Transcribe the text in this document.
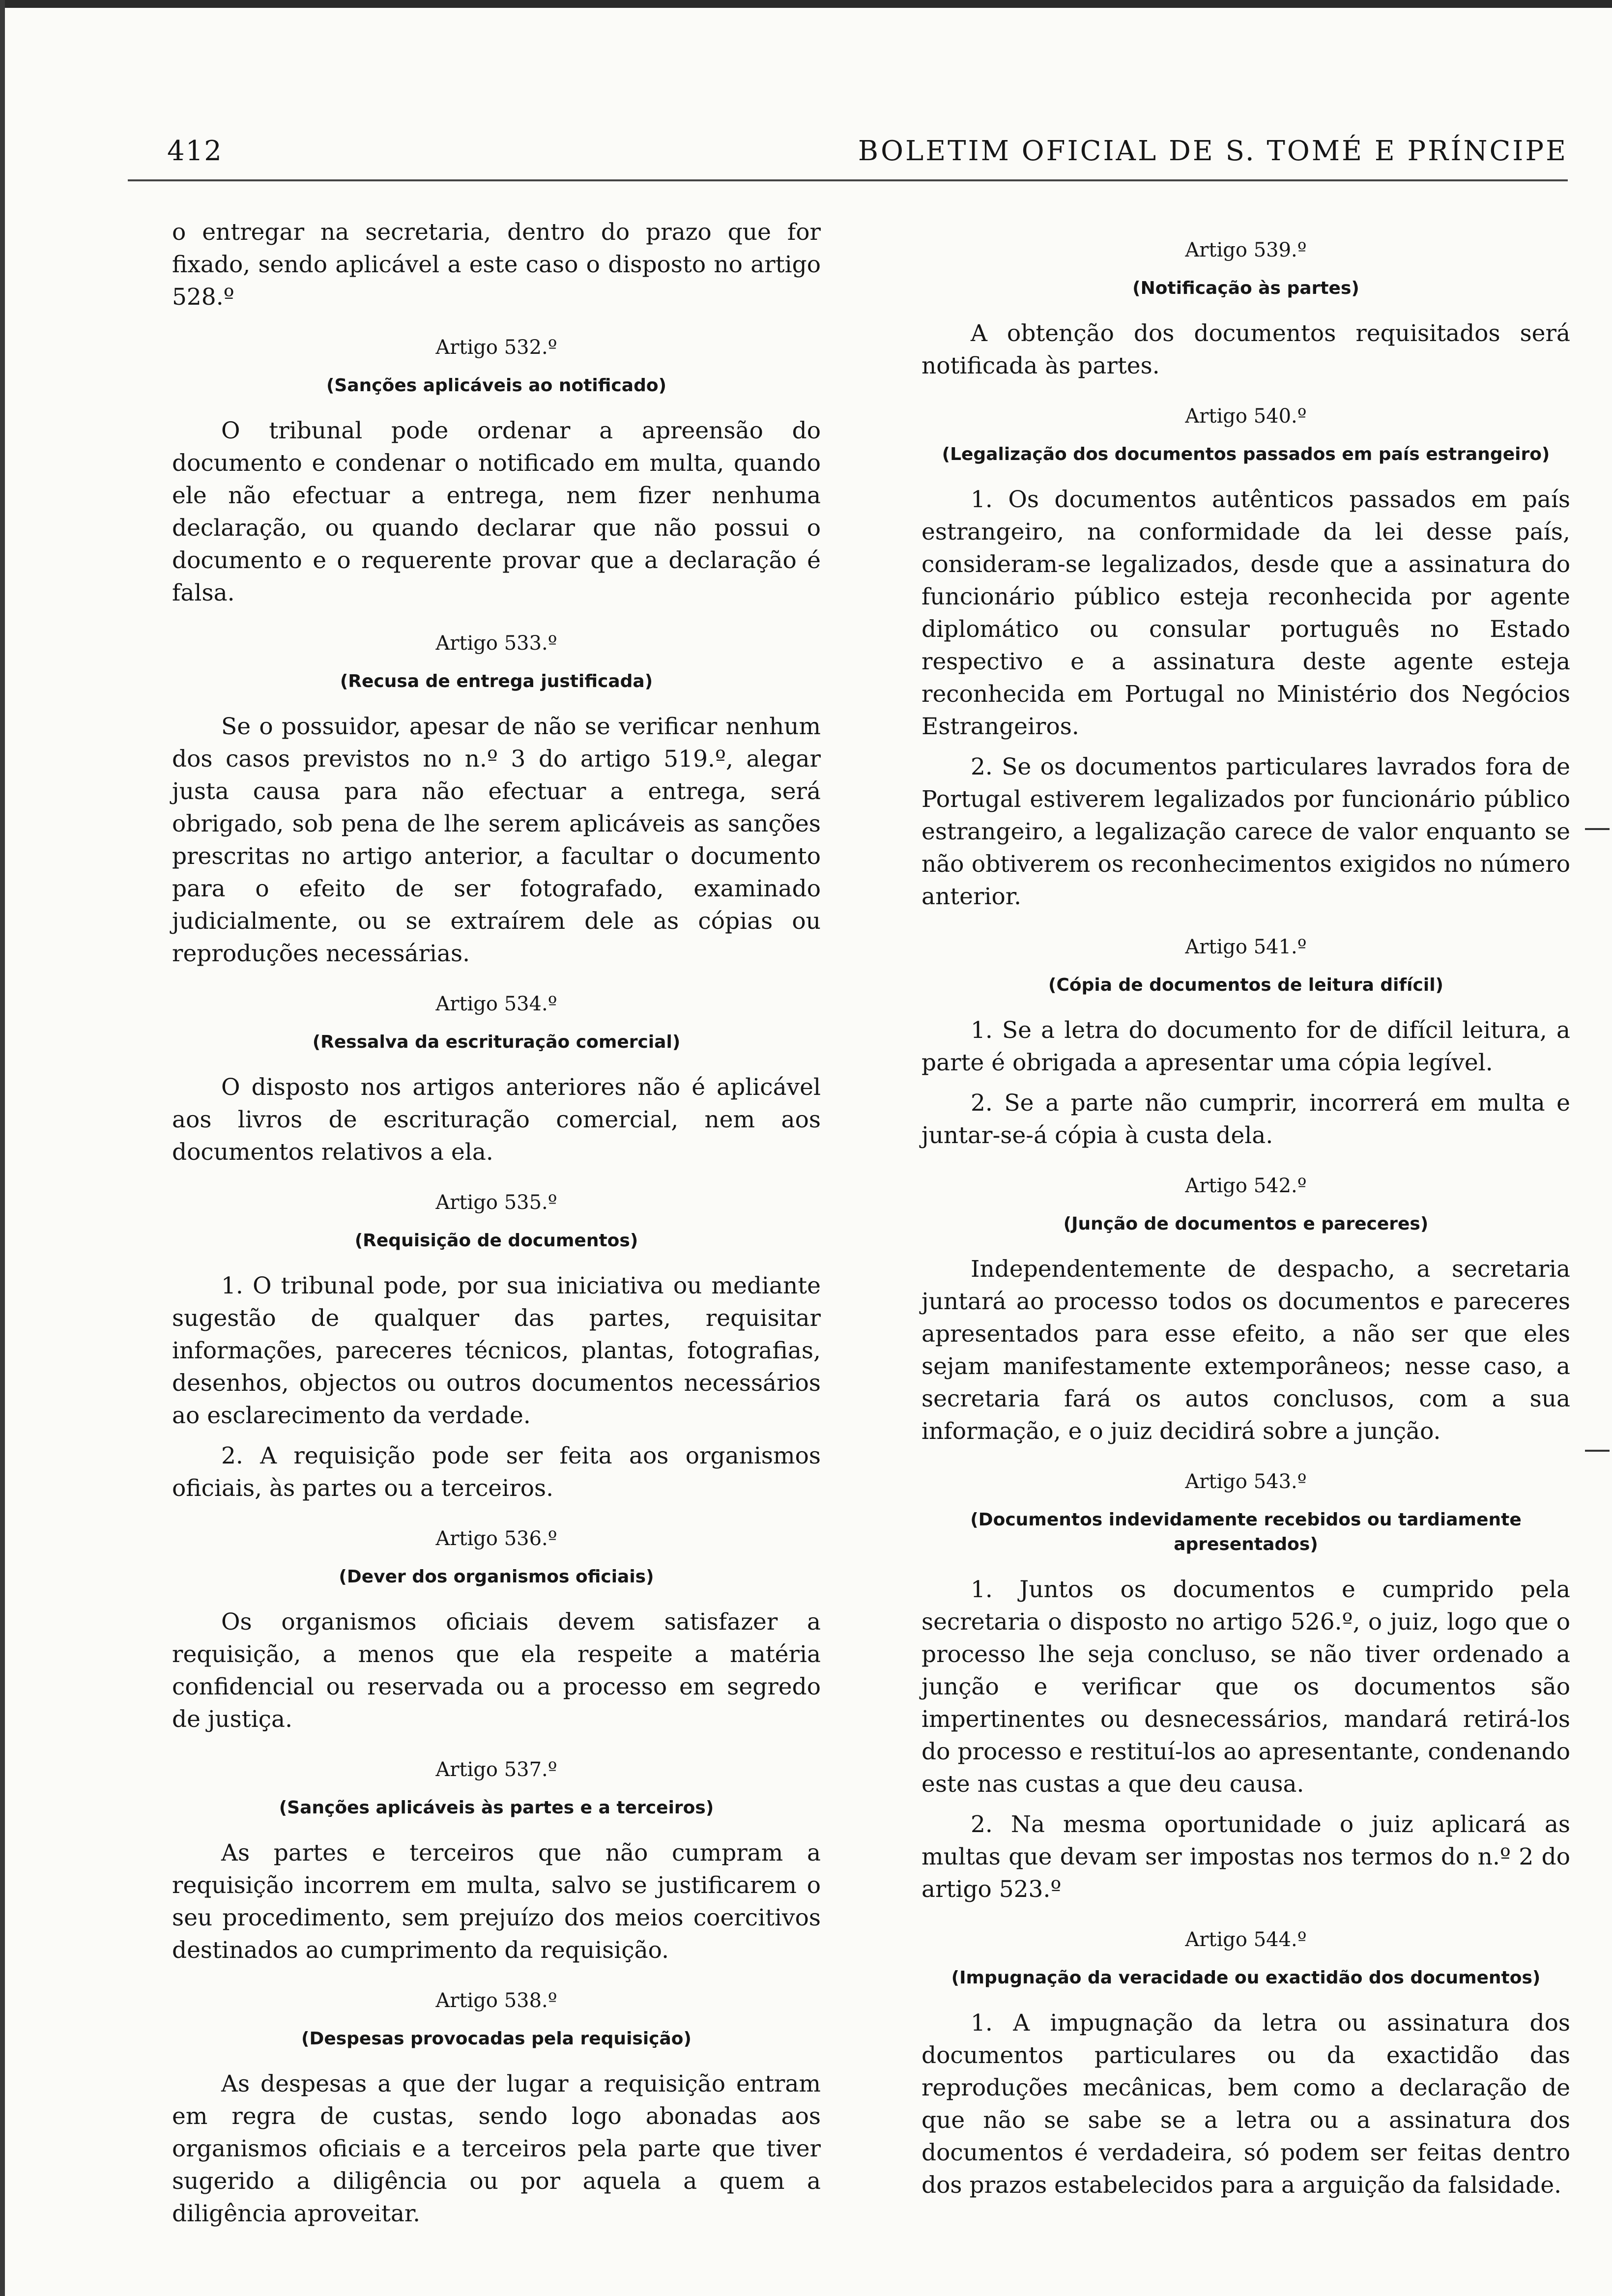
412	BOLETIM OFICIAL DE S. TOMÉ E PRÍNCIPE

o entregar na secretaria, dentro do prazo que for fixado, sendo aplicável a este caso o disposto no artigo 528.º

Artigo 532.º
(Sanções aplicáveis ao notificado)

O tribunal pode ordenar a apreensão do documento e condenar o notificado em multa, quando ele não efectuar a entrega, nem fizer nenhuma declaração, ou quando declarar que não possui o documento e o requerente provar que a declaração é falsa.

Artigo 533.º
(Recusa de entrega justificada)

Se o possuidor, apesar de não se verificar nenhum dos casos previstos no n.º 3 do artigo 519.º, alegar justa causa para não efectuar a entrega, será obrigado, sob pena de lhe serem aplicáveis as sanções prescritas no artigo anterior, a facultar o documento para o efeito de ser fotografado, examinado judicialmente, ou se extraírem dele as cópias ou reproduções necessárias.

Artigo 534.º
(Ressalva da escrituração comercial)

O disposto nos artigos anteriores não é aplicável aos livros de escrituração comercial, nem aos documentos relativos a ela.

Artigo 535.º
(Requisição de documentos)

1. O tribunal pode, por sua iniciativa ou mediante sugestão de qualquer das partes, requisitar informações, pareceres técnicos, plantas, fotografias, desenhos, objectos ou outros documentos necessários ao esclarecimento da verdade.

2. A requisição pode ser feita aos organismos oficiais, às partes ou a terceiros.

Artigo 536.º
(Dever dos organismos oficiais)

Os organismos oficiais devem satisfazer a requisição, a menos que ela respeite a matéria confidencial ou reservada ou a processo em segredo de justiça.

Artigo 537.º
(Sanções aplicáveis às partes e a terceiros)

As partes e terceiros que não cumpram a requisição incorrem em multa, salvo se justificarem o seu procedimento, sem prejuízo dos meios coercitivos destinados ao cumprimento da requisição.

Artigo 538.º
(Despesas provocadas pela requisição)

As despesas a que der lugar a requisição entram em regra de custas, sendo logo abonadas aos organismos oficiais e a terceiros pela parte que tiver sugerido a diligência ou por aquela a quem a diligência aproveitar.

Artigo 539.º
(Notificação às partes)

A obtenção dos documentos requisitados será notificada às partes.

Artigo 540.º
(Legalização dos documentos passados em país estrangeiro)

1. Os documentos autênticos passados em país estrangeiro, na conformidade da lei desse país, consideram-se legalizados, desde que a assinatura do funcionário público esteja reconhecida por agente diplomático ou consular português no Estado respectivo e a assinatura deste agente esteja reconhecida em Portugal no Ministério dos Negócios Estrangeiros.

2. Se os documentos particulares lavrados fora de Portugal estiverem legalizados por funcionário público estrangeiro, a legalização carece de valor enquanto se não obtiverem os reconhecimentos exigidos no número anterior.

Artigo 541.º
(Cópia de documentos de leitura difícil)

1. Se a letra do documento for de difícil leitura, a parte é obrigada a apresentar uma cópia legível.

2. Se a parte não cumprir, incorrerá em multa e juntar-se-á cópia à custa dela.

Artigo 542.º
(Junção de documentos e pareceres)

Independentemente de despacho, a secretaria juntará ao processo todos os documentos e pareceres apresentados para esse efeito, a não ser que eles sejam manifestamente extemporâneos; nesse caso, a secretaria fará os autos conclusos, com a sua informação, e o juiz decidirá sobre a junção.

Artigo 543.º
(Documentos indevidamente recebidos ou tardiamente apresentados)

1. Juntos os documentos e cumprido pela secretaria o disposto no artigo 526.º, o juiz, logo que o processo lhe seja concluso, se não tiver ordenado a junção e verificar que os documentos são impertinentes ou desnecessários, mandará retirá-los do processo e restituí-los ao apresentante, condenando este nas custas a que deu causa.

2. Na mesma oportunidade o juiz aplicará as multas que devam ser impostas nos termos do n.º 2 do artigo 523.º

Artigo 544.º
(Impugnação da veracidade ou exactidão dos documentos)

1. A impugnação da letra ou assinatura dos documentos particulares ou da exactidão das reproduções mecânicas, bem como a declaração de que não se sabe se a letra ou a assinatura dos documentos é verdadeira, só podem ser feitas dentro dos prazos estabelecidos para a arguição da falsidade.
